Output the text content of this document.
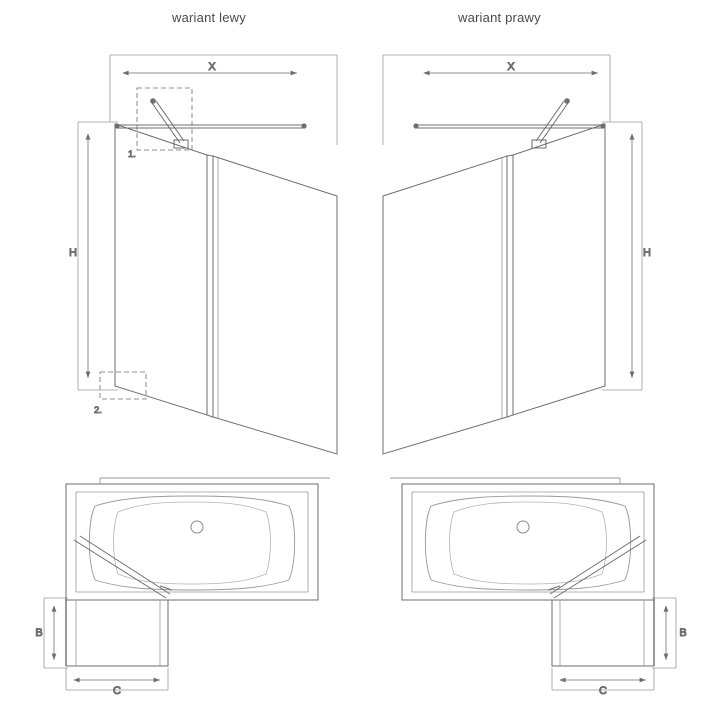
wariant lewy	wariant prawy
X
H
1.
2.
X
H
B
C
B
C
